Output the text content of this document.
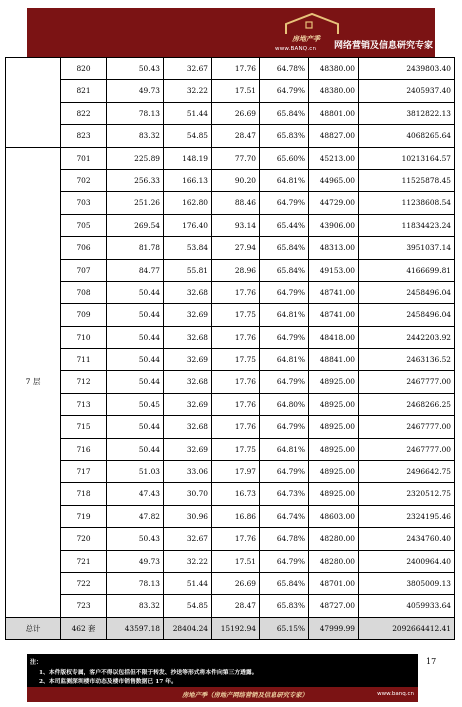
房地产季
www.BANQ.cn 网络营销及信息研究专家
	820	50.43	32.67	17.76	64.78%	48380.00	2439803.40
	821	49.73	32.22	17.51	64.79%	48380.00	2405937.40
	822	78.13	51.44	26.69	65.84%	48801.00	3812822.13
	823	83.32	54.85	28.47	65.83%	48827.00	4068265.64
7 层	701	225.89	148.19	77.70	65.60%	45213.00	10213164.57
	702	256.33	166.13	90.20	64.81%	44965.00	11525878.45
	703	251.26	162.80	88.46	64.79%	44729.00	11238608.54
	705	269.54	176.40	93.14	65.44%	43906.00	11834423.24
	706	81.78	53.84	27.94	65.84%	48313.00	3951037.14
	707	84.77	55.81	28.96	65.84%	49153.00	4166699.81
	708	50.44	32.68	17.76	64.79%	48741.00	2458496.04
	709	50.44	32.69	17.75	64.81%	48741.00	2458496.04
	710	50.44	32.68	17.76	64.79%	48418.00	2442203.92
	711	50.44	32.69	17.75	64.81%	48841.00	2463136.52
	712	50.44	32.68	17.76	64.79%	48925.00	2467777.00
	713	50.45	32.69	17.76	64.80%	48925.00	2468266.25
	715	50.44	32.68	17.76	64.79%	48925.00	2467777.00
	716	50.44	32.69	17.75	64.81%	48925.00	2467777.00
	717	51.03	33.06	17.97	64.79%	48925.00	2496642.75
	718	47.43	30.70	16.73	64.73%	48925.00	2320512.75
	719	47.82	30.96	16.86	64.74%	48603.00	2324195.46
	720	50.43	32.67	17.76	64.78%	48280.00	2434760.40
	721	49.73	32.22	17.51	64.79%	48280.00	2400964.40
	722	78.13	51.44	26.69	65.84%	48701.00	3805009.13
	723	83.32	54.85	28.47	65.83%	48727.00	4059933.64
总计	462 套	43597.18	28404.24	15192.94	65.15%	47999.99	2092664412.41
17
注：
1、本件版权专属，客户不得以包括但不限于转发、抄送等形式将本件向第三方透露。
2、本司监测深圳楼市动态及楼市销售数据已 17 年。
房地产季（房地产网络营销及信息研究专家）	www.banq.cn
